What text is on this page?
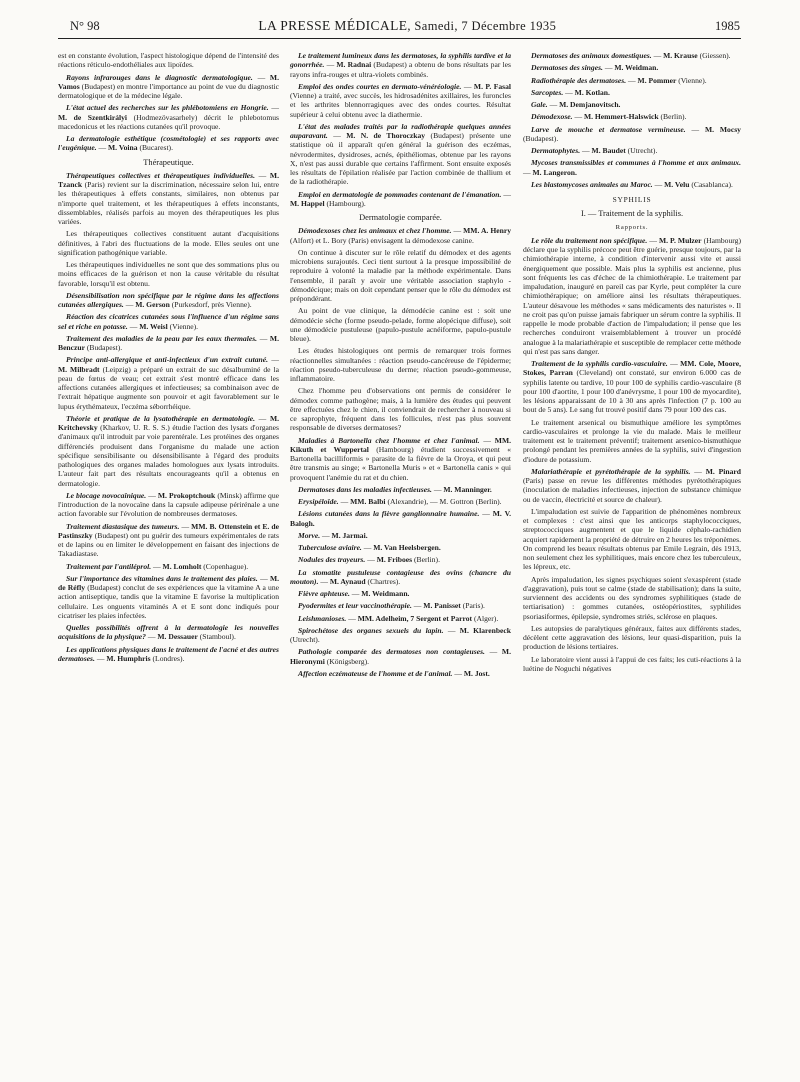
N° 98	LA PRESSE MÉDICALE, Samedi, 7 Décembre 1935	1985

est en constante évolution, l'aspect histologique dépend de l'intensité des réactions réticulo-endothéliales aux lipoïdes.

Rayons infrarouges dans le diagnostic dermatologique. — M. Vamos (Budapest) en montre l'importance au point de vue du diagnostic dermatologique et de la médecine légale.

L'état actuel des recherches sur les phlébotomiens en Hongrie. — M. de Szentkirályi (Hodmezövasarhely) décrit le phlebotomus macedonicus et les réactions cutanées qu'il provoque.

La dermatologie esthétique (cosmétologie) et ses rapports avec l'eugénique. — M. Voina (Bucarest).

Thérapeutique.

Thérapeutiques collectives et thérapeutiques individuelles. — M. Tzanck (Paris) revient sur la discrimination, nécessaire selon lui, entre les thérapeutiques à effets constants, similaires, non obtenus par n'importe quel traitement, et les thérapeutiques à effets inconstants, dissemblables, réalisés parfois au moyen des thérapeutiques les plus variées.

Les thérapeutiques collectives constituent autant d'acquisitions définitives, à l'abri des fluctuations de la mode. Elles seules ont une signification pathogénique variable.

Les thérapeutiques individuelles ne sont que des sommations plus ou moins efficaces de la guérison et non la cause véritable du résultat favorable, lorsqu'il est obtenu.

Désensibilisation non spécifique par le régime dans les affections cutanées allergiques. — M. Gerson (Purkesdorf, près Vienne).

Réaction des cicatrices cutanées sous l'influence d'un régime sans sel et riche en potasse. — M. Weisl (Vienne).

Traitement des maladies de la peau par les eaux thermales. — M. Benczur (Budapest).

Principe anti-allergique et anti-infectieux d'un extrait cutané. — M. Milbradt (Leipzig) a préparé un extrait de suc désalbuminé de la peau de fœtus de veau; cet extrait s'est montré efficace dans les affections cutanées allergiques et infectieuses; sa combinaison avec de l'extrait hépatique augmente son pouvoir et agit favorablement sur le lupus érythémateux, l'eczéma séborrhéique.

Théorie et pratique de la lysatothérapie en dermatologie. — M. Kritchevsky (Kharkov, U. R. S. S.) étudie l'action des lysats d'organes d'animaux qu'il introduit par voie parentérale. Les protéines des organes différenciés produisent dans l'organisme du malade une action spécifique sensibilisante ou désensibilisante à l'égard des produits pathologiques des organes malades homologues aux lysats introduits. L'auteur fait part des résultats encourageants qu'il a obtenus en dermatologie.

Le blocage novocaïnique. — M. Prokoptchouk (Minsk) affirme que l'introduction de la novocaïne dans la capsule adipeuse périrénale a une action favorable sur l'évolution de nombreuses dermatoses.

Traitement diastasique des tumeurs. — MM. B. Ottenstein et E. de Pastinszky (Budapest) ont pu guérir des tumeurs expérimentales de rats et de lapins ou en limiter le développement en faisant des injections de Takadiastase.

Traitement par l'antiléprol. — M. Lomholt (Copenhague).

Sur l'importance des vitamines dans le traitement des plaies. — M. de Réfly (Budapest) conclut de ses expériences que la vitamine A a une action antiseptique, tandis que la vitamine E favorise la multiplication cellulaire. Les onguents vitaminés A et E sont donc indiqués pour cicatriser les plaies infectées.

Quelles possibilités offrent à la dermatologie les nouvelles acquisitions de la physique? — M. Dessauer (Stamboul).

Les applications physiques dans le traitement de l'acné et des autres dermatoses. — M. Humphris (Londres).

Le traitement lumineux dans les dermatoses, la syphilis tardive et la gonorrhée. — M. Radnai (Budapest) a obtenu de bons résultats par les rayons infra-rouges et ultra-violets combinés.

Emploi des ondes courtes en dermato-vénéréologie. — M. P. Fasal (Vienne) a traité, avec succès, les hidrosadénites axillaires, les furoncles et les arthrites blennorragiques avec des ondes courtes. Résultat supérieur à celui obtenu avec la diathermie.

L'état des malades traités par la radiothérapie quelques années auparavant. — M. N. de Thoroczkay (Budapest) présente une statistique où il apparaît qu'en général la guérison des eczémas, névrodermites, dysidroses, acnés, épithéliomas, obtenue par les rayons X, n'est pas aussi durable que certains l'affirment. Sont ensuite exposés les résultats de l'épilation réalisée par l'action combinée de thallium et de la radiothérapie.

Emploi en dermatologie de pommades contenant de l'émanation. — M. Happel (Hambourg).

Dermatologie comparée.

Démodexoses chez les animaux et chez l'homme. — MM. A. Henry (Alfort) et L. Bory (Paris) envisagent la démodexose canine.

On continue à discuter sur le rôle relatif du démodex et des agents microbiens surajoutés. Ceci tient surtout à la presque impossibilité de reproduire à volonté la maladie par la méthode expérimentale. Dans l'ensemble, il paraît y avoir une véritable association staphylo - démodécique; mais on doit cependant penser que le rôle du démodex est prépondérant.

Au point de vue clinique, la démodécie canine est : soit une démodécie sèche (forme pseudo-pelade, forme alopécique diffuse), soit une démodécie pustuleuse (papulo-pustule acnéiforme, papulo-pustule bleue).

Les études histologiques ont permis de remarquer trois formes réactionnelles simultanées : réaction pseudo-cancéreuse de l'épiderme; réaction pseudo-tuberculeuse du derme; réaction pseudo-gommeuse, inflammatoire.

Chez l'homme peu d'observations ont permis de considérer le démodex comme pathogène; mais, à la lumière des études qui peuvent être effectuées chez le chien, il conviendrait de rechercher à nouveau si ce saprophyte, fréquent dans les follicules, n'est pas plus souvent responsable de diverses dermatoses?

Maladies à Bartonella chez l'homme et chez l'animal. — MM. Kikuth et Wuppertal (Hambourg) étudient successivement « Bartonella bacilliformis » parasite de la fièvre de la Oroya, et qui peut être transmis au singe; « Bartonella Muris » et « Bartonella canis » qui provoquent l'anémie du rat et du chien.

Dermatoses dans les maladies infectieuses. — M. Manninger.

Erysipéloïde. — MM. Balbi (Alexandrie), — M. Gottron (Berlin).

Lésions cutanées dans la fièvre ganglionnaire humaine. — M. V. Balogh.

Morve. — M. Jarmai.

Tuberculose aviaire. — M. Van Heelsbergen.

Nodules des trayeurs. — M. Friboes (Berlin).

La stomatite pustuleuse contagieuse des ovins (chancre du mouton). — M. Aynaud (Chartres).

Fièvre aphteuse. — M. Weidmann.

Pyodermites et leur vaccinothérapie. — M. Panisset (Paris).

Leishmanioses. — MM. Adelheim, 7 Sergent et Parrot (Alger).

Spirochétose des organes sexuels du lapin. — M. Klarenbeck (Utrecht).

Pathologie comparée des dermatoses non contagieuses. — M. Hieronymi (Königsberg).

Affection eczémateuse de l'homme et de l'animal. — M. Jost.

Dermatoses des animaux domestiques. — M. Krause (Giessen).

Dermatoses des singes. — M. Weidman.

Radiothérapie des dermatoses. — M. Pommer (Vienne).

Sarcoptes. — M. Kotlan.

Gale. — M. Demjanovitsch.

Démodexose. — M. Hemmert-Halswick (Berlin).

Larve de mouche et dermatose vermineuse. — M. Mocsy (Budapest).

Dermatophytes. — M. Baudet (Utrecht).

Mycoses transmissibles et communes à l'homme et aux animaux. — M. Langeron.

Les blastomycoses animales au Maroc. — M. Velu (Casablanca).

SYPHILIS
I. — Traitement de la syphilis.
Rapports.

Le rôle du traitement non spécifique. — M. P. Mulzer (Hambourg) déclare que la syphilis précoce peut être guérie, presque toujours, par la chimiothérapie interne, à condition d'intervenir aussi vite et aussi énergiquement que possible. Mais plus la syphilis est ancienne, plus sont fréquents les cas d'échec de la chimiothérapie. Le traitement par impaludation, inauguré en pareil cas par Kyrle, peut compléter la cure chimiothérapique; on améliore ainsi les résultats thérapeutiques. L'auteur désavoue les méthodes « sans médicaments des naturistes ». Il ne croit pas qu'on puisse jamais fabriquer un sérum contre la syphilis. Il rappelle le mode probable d'action de l'impaludation; il pense que les recherches conduiront vraisemblablement à trouver un procédé analogue à la malariathérapie et susceptible de remplacer cette méthode qui n'est pas sans danger.

Traitement de la syphilis cardio-vasculaire. — MM. Cole, Moore, Stokes, Parran (Cleveland) ont constaté, sur environ 6.000 cas de syphilis latente ou tardive, 10 pour 100 de syphilis cardio-vasculaire (8 pour 100 d'aortite, 1 pour 100 d'anévrysme, 1 pour 100 de myocardite), les lésions apparaissant de 10 à 30 ans après l'infection (7 p. 100 au bout de 5 ans). Le sang fut trouvé positif dans 79 pour 100 des cas.

Le traitement arsenical ou bismuthique améliore les symptômes cardio-vasculaires et prolonge la vie du malade. Mais le meilleur traitement est le traitement préventif; traitement arsenico-bismuthique prolongé pendant les premières années de la syphilis, suivi d'ingestion d'iodure de potassium.

Malariathérapie et pyrétothérapie de la syphilis. — M. Pinard (Paris) passe en revue les différentes méthodes pyrétothérapiques (inoculation de maladies infectieuses, injection de substance chimique ou de vaccin, électricité et source de chaleur).

L'impaludation est suivie de l'apparition de phénomènes nombreux et complexes : c'est ainsi que les anticorps staphylococciques, streptococciques augmentent et que le liquide céphalo-rachidien acquiert rapidement la propriété de détruire en 2 heures les tréponèmes. On comprend les beaux résultats obtenus par Emile Legrain, dès 1913, non seulement chez les syphilitiques, mais encore chez les tuberculeux, les lépreux, etc.

Après impaludation, les signes psychiques soient s'exaspèrent (stade d'aggravation), puis tout se calme (stade de stabilisation); dans la suite, surviennent des accidents ou des syndromes syphilitiques (stade de tertiarisation) : gommes cutanées, ostéopériostites, syphilides psoriasiformes, épilepsie, syndromes striés, sclérose en plaques.

Les autopsies de paralytiques généraux, faites aux différents stades, décèlent cette aggravation des lésions, leur quasi-disparition, puis la production de lésions tertiaires.

Le laboratoire vient aussi à l'appui de ces faits; les cuti-réactions à la luétine de Noguchi négatives
